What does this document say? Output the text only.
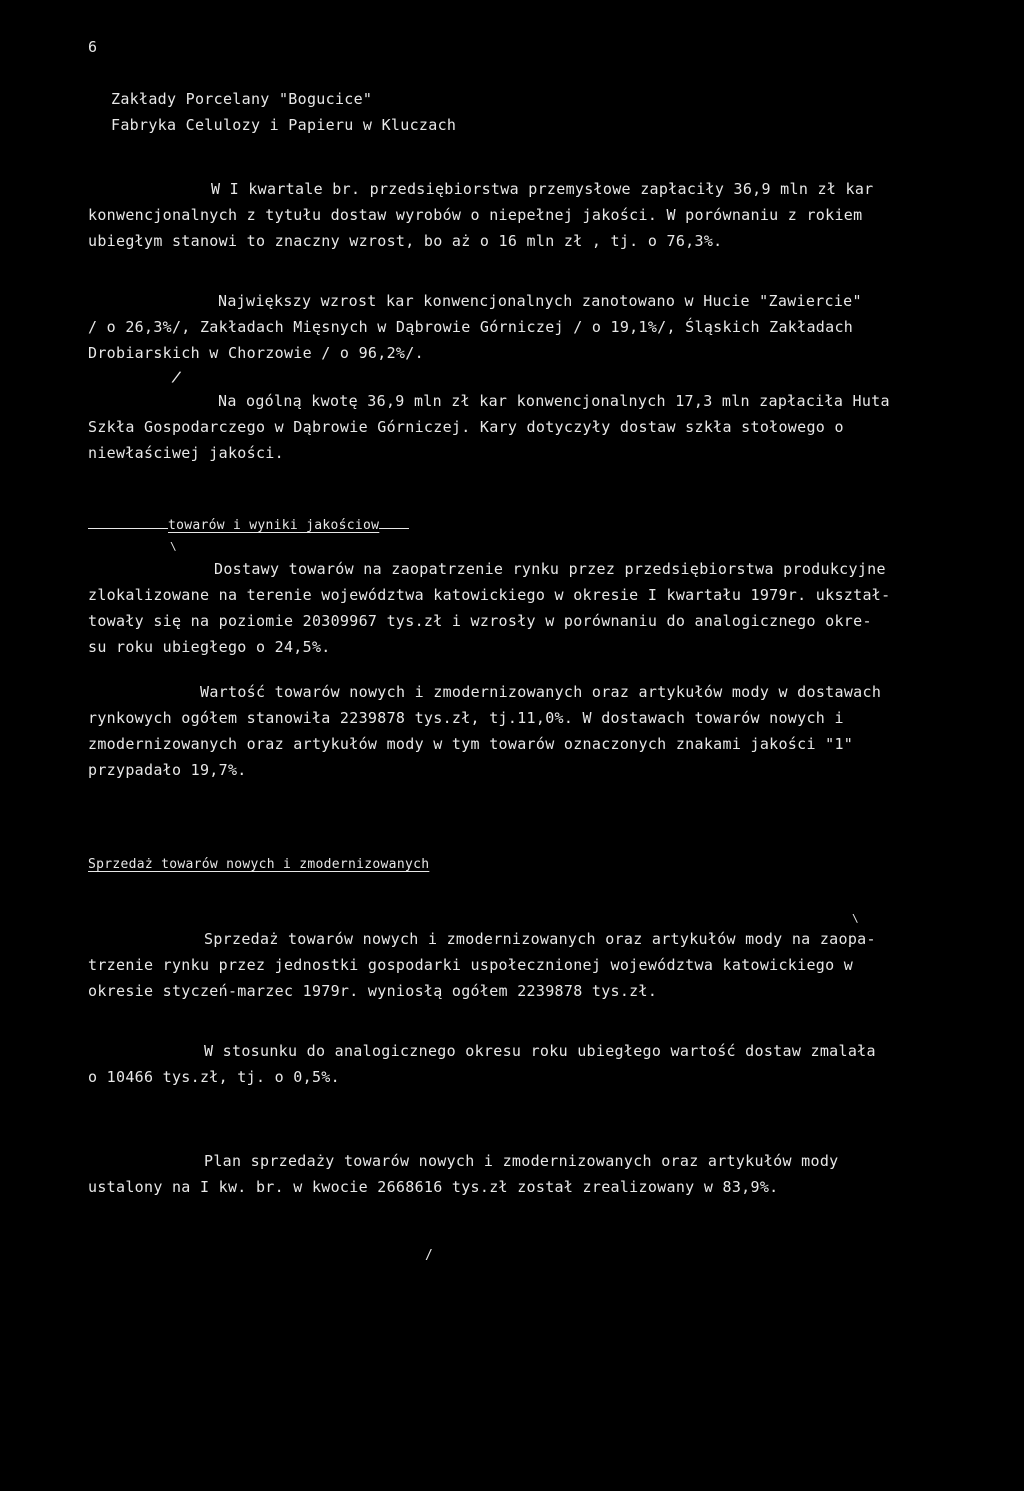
6
Zakłady Porcelany "Bogucice"
Fabryka Celulozy i Papieru w Kluczach
W I kwartale br. przedsiębiorstwa przemysłowe zapłaciły 36,9 mln zł kar
konwencjonalnych z tytułu dostaw wyrobów o niepełnej jakości. W porównaniu z rokiem
ubiegłym stanowi to znaczny wzrost, bo aż o 16 mln zł , tj. o 76,3%.
Największy wzrost kar konwencjonalnych zanotowano w Hucie "Zawiercie"
/ o 26,3%/, Zakładach Mięsnych w Dąbrowie Górniczej / o 19,1%/, Śląskich Zakładach
Drobiarskich w Chorzowie / o 96,2%/.
/
Na ogólną kwotę 36,9 mln zł kar konwencjonalnych 17,3 mln zapłaciła Huta
Szkła Gospodarczego w Dąbrowie Górniczej. Kary dotyczyły dostaw szkła stołowego o
niewłaściwej jakości.
towarów i wyniki jakościow
\
Dostawy towarów na zaopatrzenie rynku przez przedsiębiorstwa produkcyjne
zlokalizowane na terenie województwa katowickiego w okresie I kwartału 1979r. ukształ-
towały się na poziomie 20309967 tys.zł i wzrosły w porównaniu do analogicznego okre-
su roku ubiegłego o 24,5%.
Wartość towarów nowych i zmodernizowanych oraz artykułów mody w dostawach
rynkowych ogółem stanowiła 2239878 tys.zł, tj.11,0%. W dostawach towarów nowych i
zmodernizowanych oraz artykułów mody w tym towarów oznaczonych znakami jakości "1"
przypadało 19,7%.
Sprzedaż towarów nowych i zmodernizowanych
\
Sprzedaż towarów nowych i zmodernizowanych oraz artykułów mody na zaopa-
trzenie rynku przez jednostki gospodarki uspołecznionej województwa katowickiego w
okresie styczeń-marzec 1979r. wyniosłą ogółem 2239878 tys.zł.
W stosunku do analogicznego okresu roku ubiegłego wartość dostaw zmalała
o 10466 tys.zł, tj. o 0,5%.
Plan sprzedaży towarów nowych i zmodernizowanych oraz artykułów mody
ustalony na I kw. br. w kwocie 2668616 tys.zł został zrealizowany w 83,9%.
/
